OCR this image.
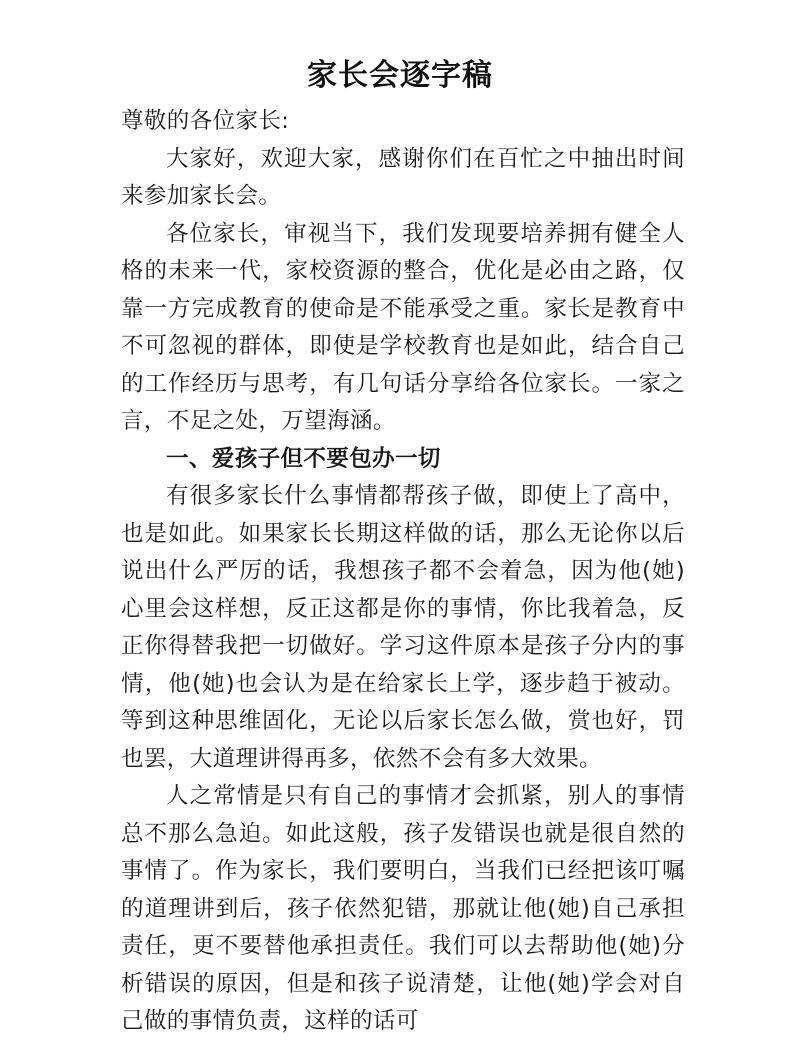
家长会逐字稿

尊敬的各位家长:

大家好，欢迎大家，感谢你们在百忙之中抽出时间来参加家长会。

各位家长，审视当下，我们发现要培养拥有健全人格的未来一代，家校资源的整合，优化是必由之路，仅靠一方完成教育的使命是不能承受之重。家长是教育中不可忽视的群体，即使是学校教育也是如此，结合自己的工作经历与思考，有几句话分享给各位家长。一家之言，不足之处，万望海涵。

一、爱孩子但不要包办一切

有很多家长什么事情都帮孩子做，即使上了高中，也是如此。如果家长长期这样做的话，那么无论你以后说出什么严厉的话，我想孩子都不会着急，因为他(她)心里会这样想，反正这都是你的事情，你比我着急，反正你得替我把一切做好。学习这件原本是孩子分内的事情，他(她)也会认为是在给家长上学，逐步趋于被动。等到这种思维固化，无论以后家长怎么做，赏也好，罚也罢，大道理讲得再多，依然不会有多大效果。

人之常情是只有自己的事情才会抓紧，别人的事情总不那么急迫。如此这般，孩子发错误也就是很自然的事情了。作为家长，我们要明白，当我们已经把该叮嘱的道理讲到后，孩子依然犯错，那就让他(她)自己承担责任，更不要替他承担责任。我们可以去帮助他(她)分析错误的原因，但是和孩子说清楚，让他(她)学会对自己做的事情负责，这样的话可
